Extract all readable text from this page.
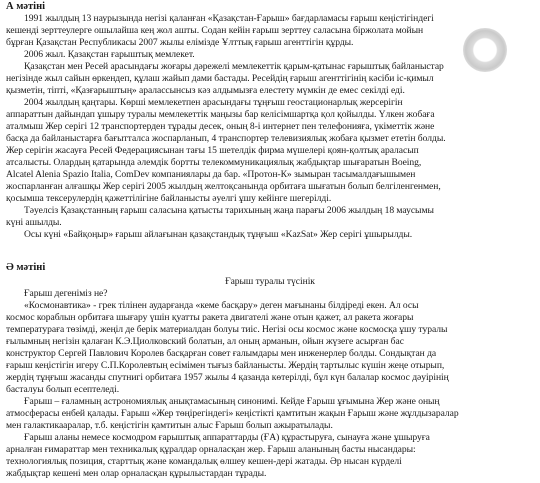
А мәтіні
1991 жылдың 13 наурызында негізі қаланған «Қазақстан-Ғарыш» бағдарламасы ғарыш кеңістігіндегі
кешенді зерттеулерге ошылайша кең жол ашты. Содан кейін ғарыш зерттеу саласына біржолата мойын
бұрған Қазақстан Республикасы 2007 жылы елімізде Ұлттық ғарыш агенттігін құрды.
2006 жыл. Қазақстан ғарыштық мемлекет.
Қазақстан мен Ресей арасындағы жоғары дәрежелі мемлекеттік қарым-қатынас ғарыштық байланыстар
негізінде жыл сайын өркендеп, құлаш жайып дами бастады. Ресейдің ғарыш агенттігінің кәсіби іс-қимыл
қызметін, тіпті, «Қазғарыштың» аралассынсыз кәз алдымызға елестету мүмкін де емес секілді еді.
2004 жылдың қаңтары. Көрші мемлекетпен арасындағы тұңғыш геостационарлық жерсерігін
аппараттын дайындап ұшыру туралы мемлекеттік маңызы бар келісімшартқа қол қойылды. Үлкен жобаға
аталмыш Жер серігі 12 транспортерден тұрады десек, оның 8-і интернет пен телефонияға, үкіметтік және
басқа да байланыстарға бағытталса жоспарланып, 4 транспортер телевизиялық жобаға қызмет ететін болды.
Жер серігін жасауға Ресей Федерациясынан тағы 15 шетелдік фирма мүшелері қоян-қолтық араласып
атсалысты. Олардың қатарында әлемдік бортты телекоммуникациялық жабдықтар шығаратын Boeing,
Alcatel Alenia Spazio Italia, ComDev компаниялары да бар. «Протон-К» зымыран тасымалдағышымен
жоспарланған алғашқы Жер серігі 2005 жылдың желтоқсанында орбитаға шығатын болып белгіленгенмен,
қосымша тексерулердің қажеттілігіне байланысты әуелгі ұшу кейінге шегерілді.
Тәуелсіз Қазақстанның ғарыш саласына қатысты тарихының жаңа парағы 2006 жылдың 18 маусымы
күні ашылды.
Осы күні «Байқоңыр» ғарыш айлағынан қазақстандық тұңғыш «KazSat» Жер серігі ұшырылды.
Ә мәтіні
Ғарыш туралы түсінік
Ғарыш дегеніміз не?
«Космонавтика» - грек тілінен аударғанда «кеме басқару» деген мағынаны білдіреді екен. Ал осы
космос кораблын орбитаға шығару үшін қуатты ракета двигателі және отын қажет, ал ракета жоғары
температураға төзімді, жеңіл де берік материалдан болуы тиіс. Негізі осы космос және космосқа ұшу туралы
ғылымның негізін қалаған К.Э.Циолковский болатын, ал оның арманын, ойын жүзеге асырған бас
конструктор Сергей Павлович Королев басқарған совет ғалымдары мен инженерлер болды. Сондықтан да
ғарыш кеңістігін игеру С.П.Королевтың есімімен тығыз байланысты. Жердің тартылыс күшін жеңе отырып,
жердің тұңғыш жасанды спутнигі орбитаға 1957 жылы 4 қазанда көтерілді, бұл күн балалар космос дәуірінің
басталуы болып есептеледі.
Ғарыш – ғаламның астрономиялық анықтамасының синонимі. Кейде Ғарыш ұғымына Жер және оның
атмосферасы енбей қалады. Ғарыш «Жер төңірегіндегі» кеңістікті қамтитын жақын Ғарыш және жұлдызаралар
мен галактикааралар, т.б. кеңістігін қамтитын алыс Ғарыш болып ажыратылады.
Ғарыш аланы немесе космодром ғарыштық аппараттарды (ҒА) құрастыруға, сынауға және ұшыруға
арналған ғимараттар мен техникалық құралдар орналасқан жер. Ғарыш аланының басты нысандары:
технологиялық позиция, старттық және командалық өлшеу кешен-дері жатады. Әр нысан күрделі
жабдықтар кешені мен олар орналасқан құрылыстардан тұрады.
